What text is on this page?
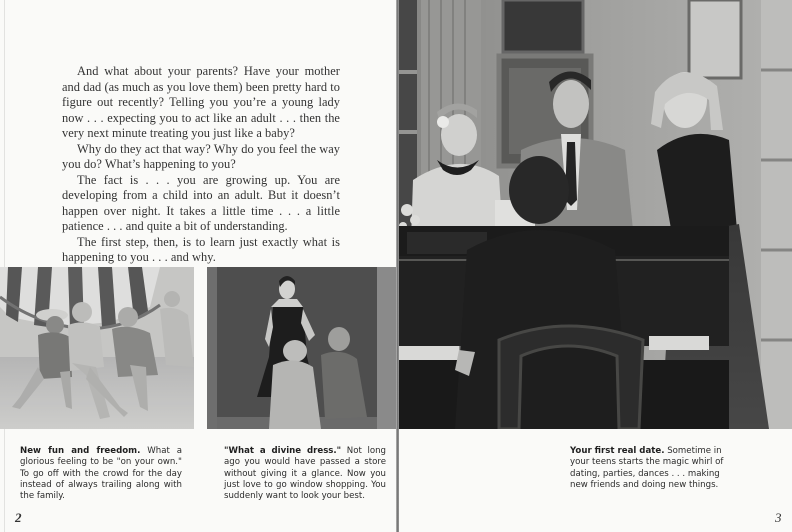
And what about your parents? Have your mother and dad (as much as you love them) been pretty hard to figure out recently? Telling you you’re a young lady now . . . expecting you to act like an adult . . . then the very next minute treating you just like a baby?

Why do they act that way? Why do you feel the way you do? What’s happening to you?

The fact is . . . you are growing up. You are developing from a child into an adult. But it doesn’t happen over night. It takes a little time . . . a little patience . . . and quite a bit of understanding.

The first step, then, is to learn just exactly what is happening to you . . . and why.

New fun and freedom. What a glorious feeling to be "on your own." To go off with the crowd for the day instead of always trailing along with the family.
"What a divine dress." Not long ago you would have passed a store without giving it a glance. Now you just love to go window shopping. You suddenly want to look your best.
2
Your first real date. Sometime in your teens starts the magic whirl of dating, parties, dances . . . making new friends and doing new things.
3
